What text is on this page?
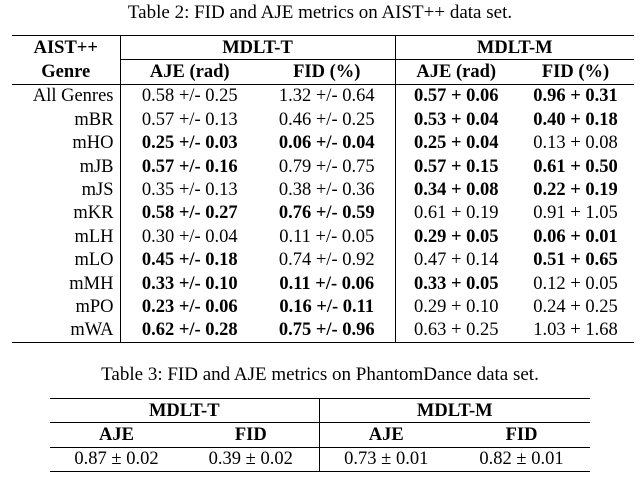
Table 2: FID and AJE metrics on AIST++ data set.
AIST++	MDLT-T		MDLT-M	
Genre	AJE (rad)	FID (%)	AJE (rad)	FID (%)
All Genres	0.58 +/- 0.25	1.32 +/- 0.64	0.57 + 0.06	0.96 + 0.31
mBR	0.57 +/- 0.13	0.46 +/- 0.25	0.53 + 0.04	0.40 + 0.18
mHO	0.25 +/- 0.03	0.06 +/- 0.04	0.25 + 0.04	0.13 + 0.08
mJB	0.57 +/- 0.16	0.79 +/- 0.75	0.57 + 0.15	0.61 + 0.50
mJS	0.35 +/- 0.13	0.38 +/- 0.36	0.34 + 0.08	0.22 + 0.19
mKR	0.58 +/- 0.27	0.76 +/- 0.59	0.61 + 0.19	0.91 + 1.05
mLH	0.30 +/- 0.04	0.11 +/- 0.05	0.29 + 0.05	0.06 + 0.01
mLO	0.45 +/- 0.18	0.74 +/- 0.92	0.47 + 0.14	0.51 + 0.65
mMH	0.33 +/- 0.10	0.11 +/- 0.06	0.33 + 0.05	0.12 + 0.05
mPO	0.23 +/- 0.06	0.16 +/- 0.11	0.29 + 0.10	0.24 + 0.25
mWA	0.62 +/- 0.28	0.75 +/- 0.96	0.63 + 0.25	1.03 + 1.68
Table 3: FID and AJE metrics on PhantomDance data set.
MDLT-T		MDLT-M	
AJE	FID	AJE	FID
0.87 ± 0.02	0.39 ± 0.02	0.73 ± 0.01	0.82 ± 0.01
